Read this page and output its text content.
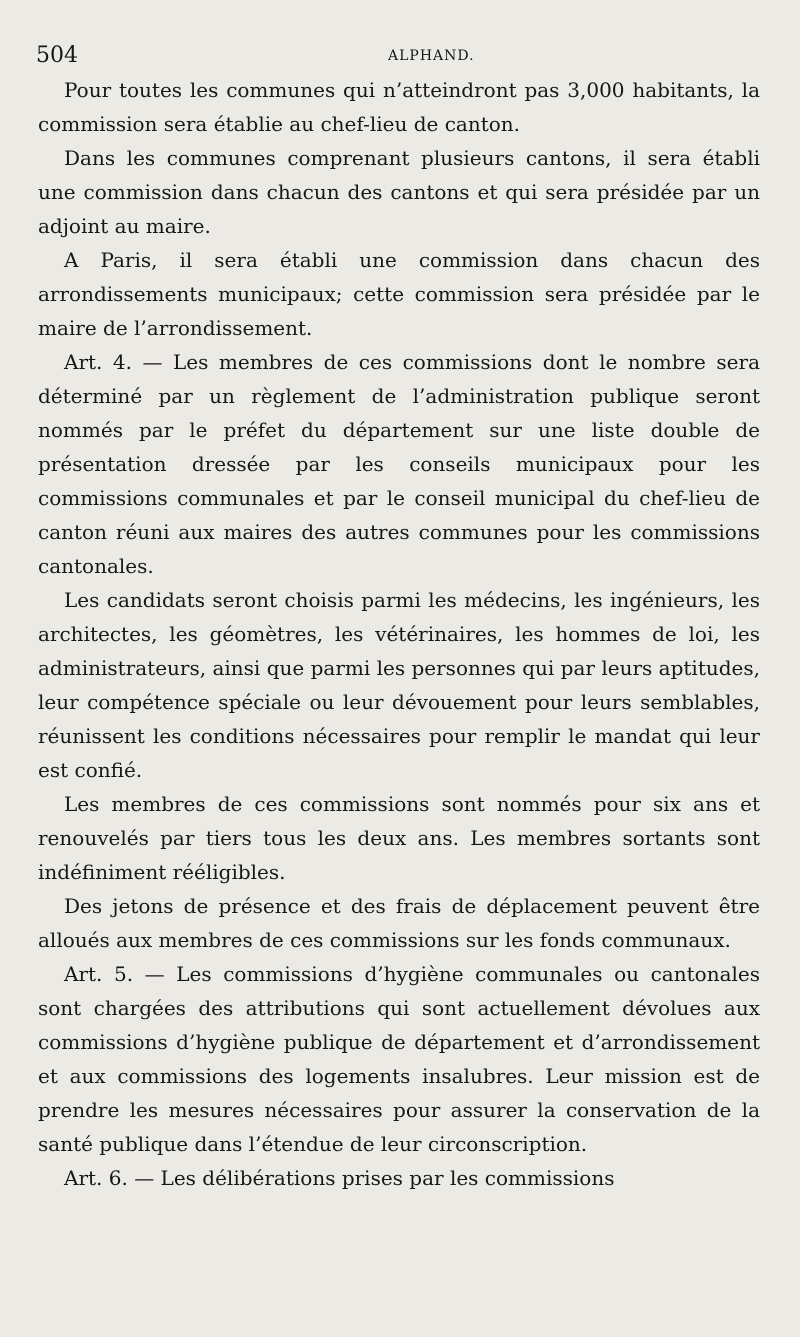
504	ALPHAND.

Pour toutes les communes qui n’atteindront pas 3,000 habitants, la commission sera établie au chef-lieu de canton.

Dans les communes comprenant plusieurs cantons, il sera établi une commission dans chacun des cantons et qui sera présidée par un adjoint au maire.

A Paris, il sera établi une commission dans chacun des arrondissements municipaux; cette commission sera présidée par le maire de l’arrondissement.

Art. 4. — Les membres de ces commissions dont le nombre sera déterminé par un règlement de l’administration publique seront nommés par le préfet du département sur une liste double de présentation dressée par les conseils municipaux pour les commissions communales et par le conseil municipal du chef-lieu de canton réuni aux maires des autres communes pour les commissions cantonales.

Les candidats seront choisis parmi les médecins, les ingénieurs, les architectes, les géomètres, les vétérinaires, les hommes de loi, les administrateurs, ainsi que parmi les personnes qui par leurs aptitudes, leur compétence spéciale ou leur dévouement pour leurs semblables, réunissent les conditions nécessaires pour remplir le mandat qui leur est confié.

Les membres de ces commissions sont nommés pour six ans et renouvelés par tiers tous les deux ans. Les membres sortants sont indéfiniment rééligibles.

Des jetons de présence et des frais de déplacement peuvent être alloués aux membres de ces commissions sur les fonds communaux.

Art. 5. — Les commissions d’hygiène communales ou cantonales sont chargées des attributions qui sont actuellement dévolues aux commissions d’hygiène publique de département et d’arrondissement et aux commissions des logements insalubres. Leur mission est de prendre les mesures nécessaires pour assurer la conservation de la santé publique dans l’étendue de leur circonscription.

Art. 6. — Les délibérations prises par les commissions
